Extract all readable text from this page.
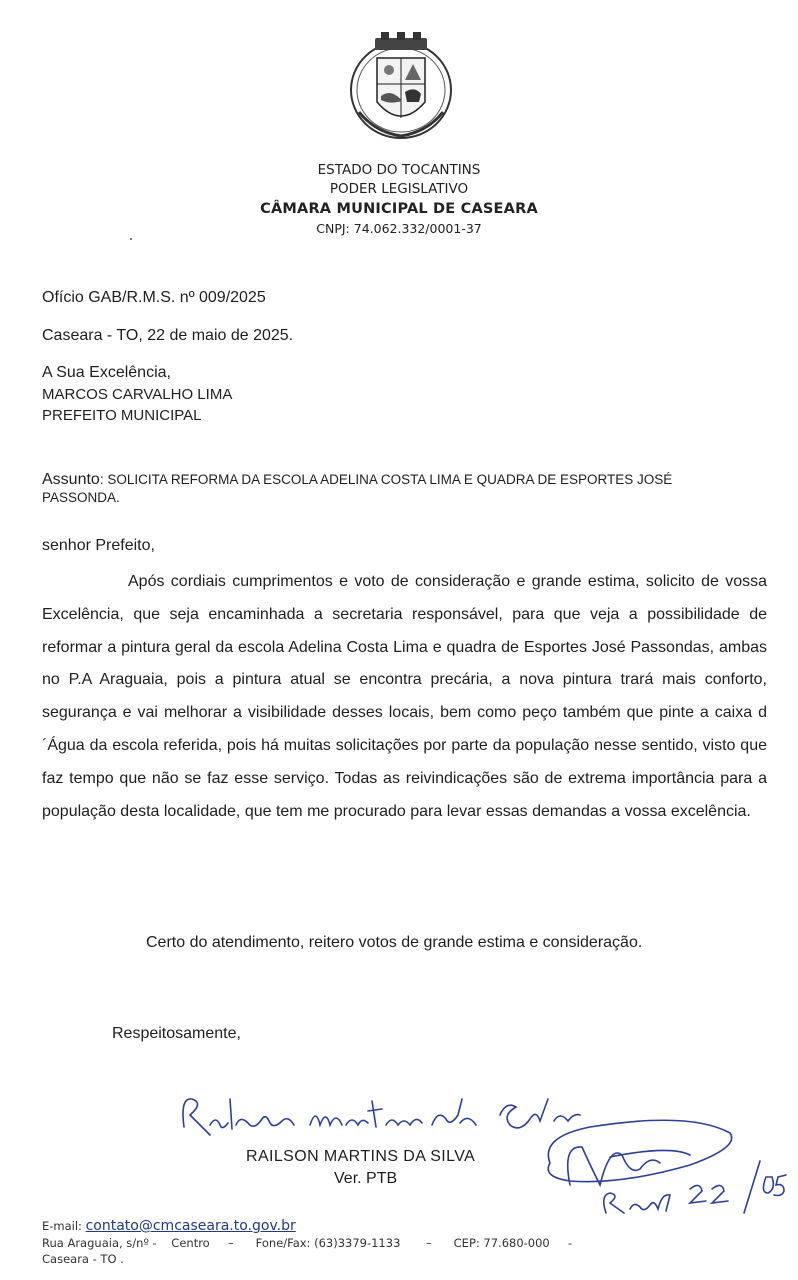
ESTADO DO TOCANTINS
PODER LEGISLATIVO
CÂMARA MUNICIPAL DE CASEARA
CNPJ: 74.062.332/0001-37
Ofício GAB/R.M.S. nº 009/2025
Caseara - TO, 22 de maio de 2025.
A Sua Excelência,
MARCOS CARVALHO LIMA
PREFEITO MUNICIPAL
Assunto: SOLICITA REFORMA DA ESCOLA ADELINA COSTA LIMA E QUADRA DE ESPORTES JOSÉ PASSONDA.
senhor Prefeito,
Após cordiais cumprimentos e voto de consideração e grande estima, solicito de vossa Excelência, que seja encaminhada a secretaria responsável, para que veja a possibilidade de reformar a pintura geral da escola Adelina Costa Lima e quadra de Esportes José Passondas, ambas no P.A Araguaia, pois a pintura atual se encontra precária, a nova pintura trará mais conforto, segurança e vai melhorar a visibilidade desses locais, bem como peço também que pinte a caixa d´Água da escola referida, pois há muitas solicitações por parte da população nesse sentido, visto que faz tempo que não se faz esse serviço. Todas as reivindicações são de extrema importância para a população desta localidade, que tem me procurado para levar essas demandas a vossa excelência.
Certo do atendimento, reitero votos de grande estima e consideração.
Respeitosamente,
RAILSON MARTINS DA SILVA
Ver. PTB
E-mail: contato@cmcaseara.to.gov.br
Rua Araguaia, s/nº -    Centro     –      Fone/Fax: (63)3379-1133       –      CEP: 77.680-000     -
Caseara - TO .
